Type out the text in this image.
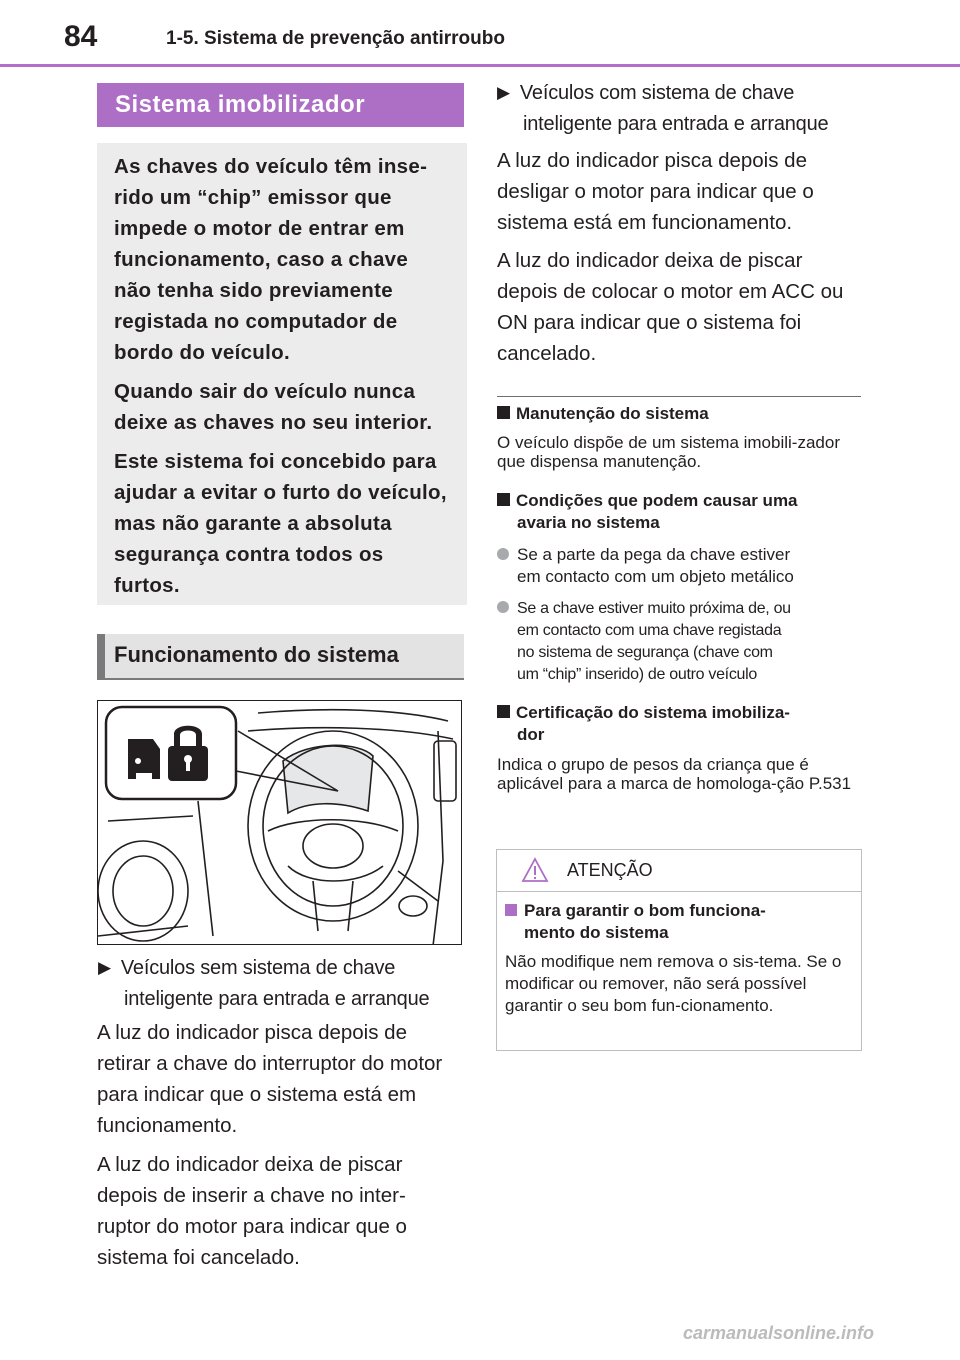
84	1-5. Sistema de prevenção antirroubo
Sistema imobilizador

As chaves do veículo têm inse-rido um “chip” emissor que impede o motor de entrar em funcionamento, caso a chave não tenha sido previamente registada no computador de bordo do veículo.

Quando sair do veículo nunca deixe as chaves no seu interior.

Este sistema foi concebido para ajudar a evitar o furto do veículo, mas não garante a absoluta segurança contra todos os furtos.

Funcionamento do sistema
▶ Veículos sem sistema de chave
inteligente para entrada e arranque
A luz do indicador pisca depois de retirar a chave do interruptor do motor para indicar que o sistema está em funcionamento.
A luz do indicador deixa de piscar depois de inserir a chave no inter-ruptor do motor para indicar que o sistema foi cancelado.
▶ Veículos com sistema de chave
inteligente para entrada e arranque
A luz do indicador pisca depois de desligar o motor para indicar que o sistema está em funcionamento.
A luz do indicador deixa de piscar depois de colocar o motor em ACC ou ON para indicar que o sistema foi cancelado.
Manutenção do sistema
O veículo dispõe de um sistema imobili-zador que dispensa manutenção.
Condições que podem causar uma
avaria no sistema
Se a parte da pega da chave estiver
em contacto com um objeto metálico
Se a chave estiver muito próxima de, ou
em contacto com uma chave registada
no sistema de segurança (chave com
um “chip” inserido) de outro veículo
Certificação do sistema imobiliza-
dor
Indica o grupo de pesos da criança que é aplicável para a marca de homologa-ção P.531
ATENÇÃO
Para garantir o bom funciona-
mento do sistema
Não modifique nem remova o sis-tema. Se o modificar ou remover, não será possível garantir o seu bom fun-cionamento.
carmanualsonline.info
